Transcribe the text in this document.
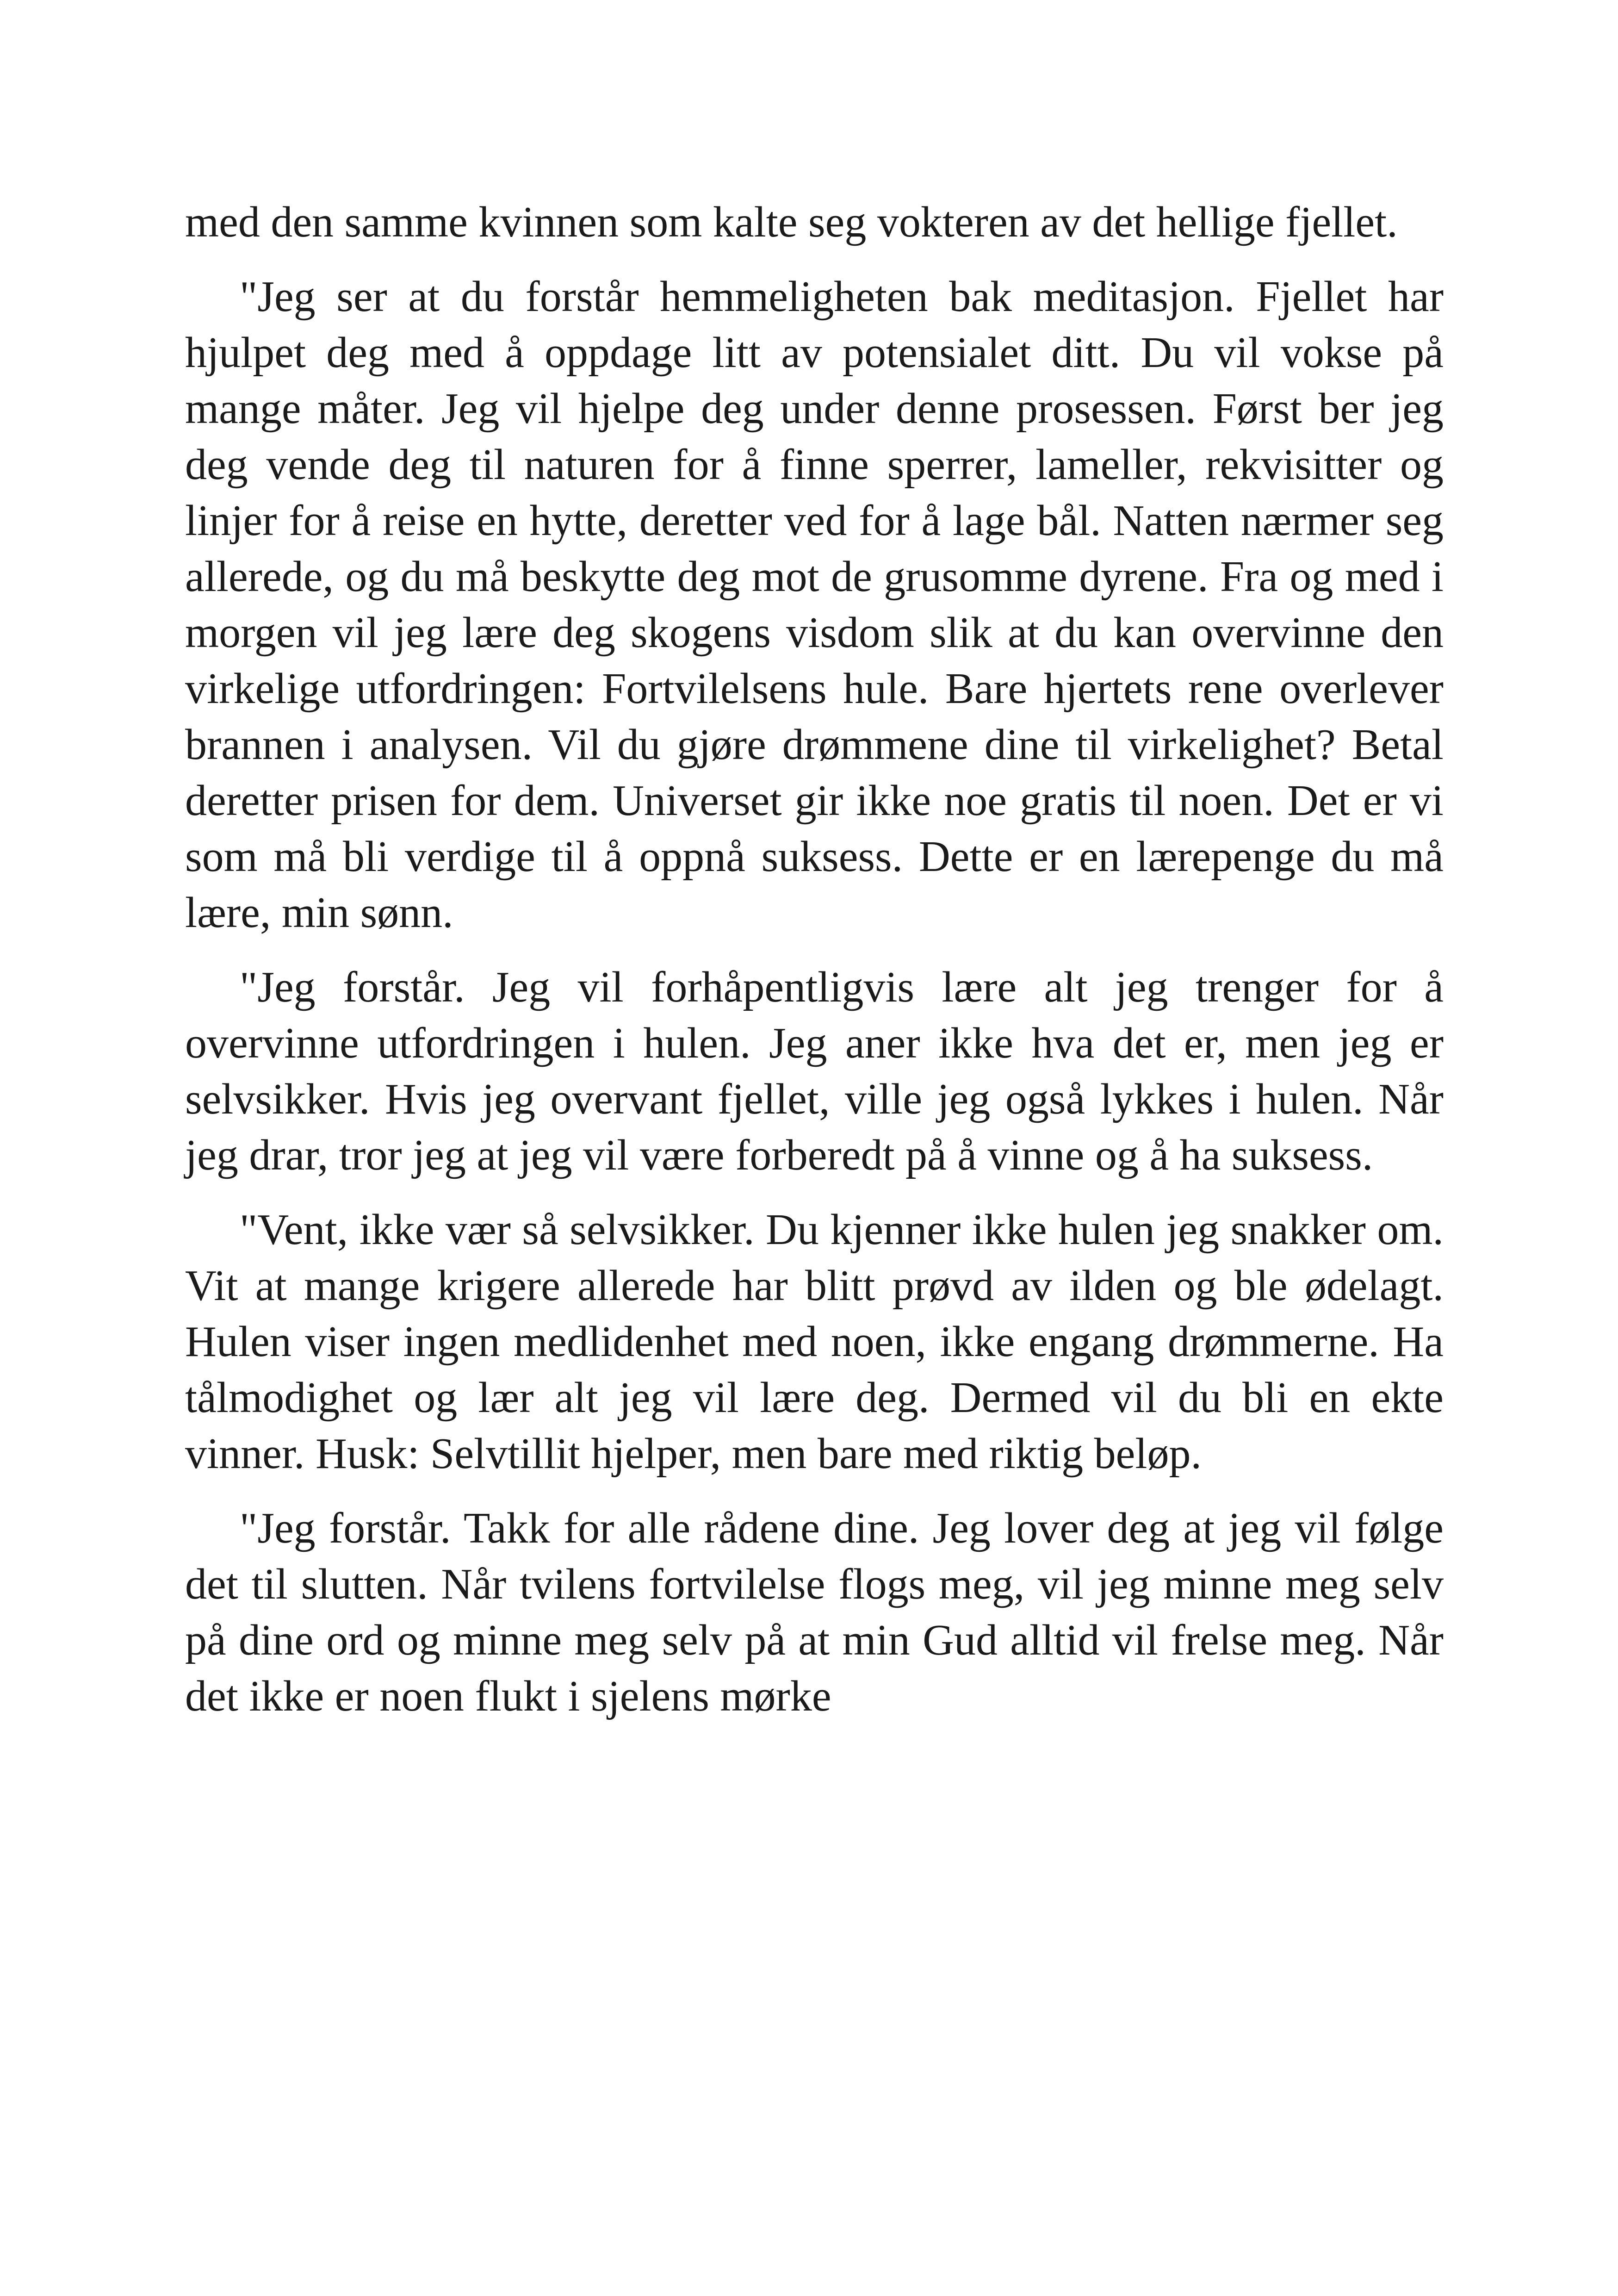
med den samme kvinnen som kalte seg vokteren av det hellige fjellet.

"Jeg ser at du forstår hemmeligheten bak meditasjon. Fjellet har hjulpet deg med å oppdage litt av potensialet ditt. Du vil vokse på mange måter. Jeg vil hjelpe deg under denne prosessen. Først ber jeg deg vende deg til naturen for å finne sperrer, lameller, rekvisitter og linjer for å reise en hytte, deretter ved for å lage bål. Natten nærmer seg allerede, og du må beskytte deg mot de grusomme dyrene. Fra og med i morgen vil jeg lære deg skogens visdom slik at du kan overvinne den virkelige utfordringen: Fortvilelsens hule. Bare hjertets rene overlever brannen i analysen. Vil du gjøre drømmene dine til virkelighet? Betal deretter prisen for dem. Universet gir ikke noe gratis til noen. Det er vi som må bli verdige til å oppnå suksess. Dette er en lærepenge du må lære, min sønn.

"Jeg forstår. Jeg vil forhåpentligvis lære alt jeg trenger for å overvinne utfordringen i hulen. Jeg aner ikke hva det er, men jeg er selvsikker. Hvis jeg overvant fjellet, ville jeg også lykkes i hulen. Når jeg drar, tror jeg at jeg vil være forberedt på å vinne og å ha suksess.

"Vent, ikke vær så selvsikker. Du kjenner ikke hulen jeg snakker om. Vit at mange krigere allerede har blitt prøvd av ilden og ble ødelagt. Hulen viser ingen medlidenhet med noen, ikke engang drømmerne. Ha tålmodighet og lær alt jeg vil lære deg. Dermed vil du bli en ekte vinner. Husk: Selvtillit hjelper, men bare med riktig beløp.

"Jeg forstår. Takk for alle rådene dine. Jeg lover deg at jeg vil følge det til slutten. Når tvilens fortvilelse flogs meg, vil jeg minne meg selv på dine ord og minne meg selv på at min Gud alltid vil frelse meg. Når det ikke er noen flukt i sjelens mørke
